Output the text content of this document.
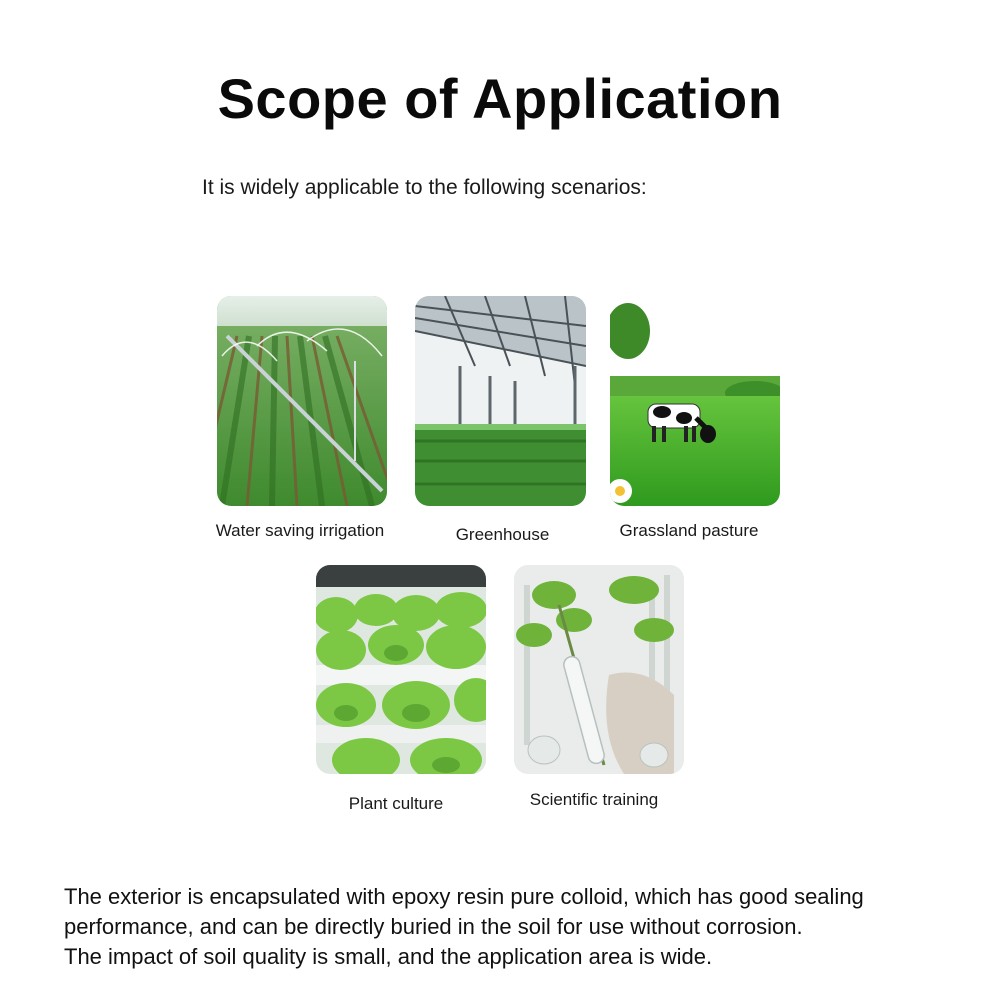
Scope of Application
It is widely applicable to the following scenarios:
Water saving irrigation	Greenhouse	Grassland pasture
Plant culture	Scientific training

The exterior is encapsulated with epoxy resin pure colloid, which has good sealing

performance, and can be directly buried in the soil for use without corrosion.

The impact of soil quality is small, and the application area is wide.
